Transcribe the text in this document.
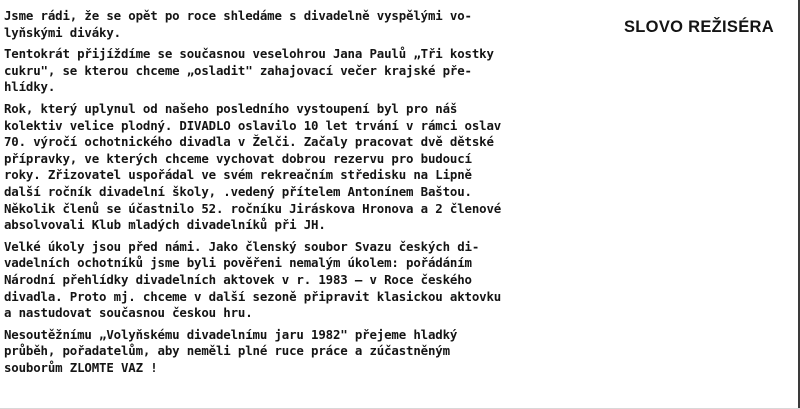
Jsme rádi, že se opět po roce shledáme s divadelně vyspělými vo-
lyňskými diváky.

Tentokrát přijíždíme se současnou veselohrou Jana Paulů „Tři kostky
cukru", se kterou chceme „osladit" zahajovací večer krajské pře-
hlídky.

Rok, který uplynul od našeho posledního vystoupení byl pro náš
kolektiv velice plodný. DIVADLO oslavilo 10 let trvání v rámci oslav
70. výročí ochotnického divadla v Želči. Začaly pracovat dvě dětské
přípravky, ve kterých chceme vychovat dobrou rezervu pro budoucí
roky. Zřizovatel uspořádal ve svém rekreačním středisku na Lipně
další ročník divadelní školy, .vedený přítelem Antonínem Baštou.
Několik členů se účastnilo 52. ročníku Jiráskova Hronova a 2 členové
absolvovali Klub mladých divadelníků při JH.

Velké úkoly jsou před námi. Jako členský soubor Svazu českých di-
vadelních ochotníků jsme byli pověřeni nemalým úkolem: pořádáním
Národní přehlídky divadelních aktovek v r. 1983 — v Roce českého
divadla. Proto mj. chceme v další sezoně připravit klasickou aktovku
a nastudovat současnou českou hru.

Nesoutěžnímu „Volyňskému divadelnímu jaru 1982" přejeme hladký
průběh, pořadatelům, aby neměli plné ruce práce a zúčastněným
souborům ZLOMTE VAZ !

SLOVO REŽISÉRA
